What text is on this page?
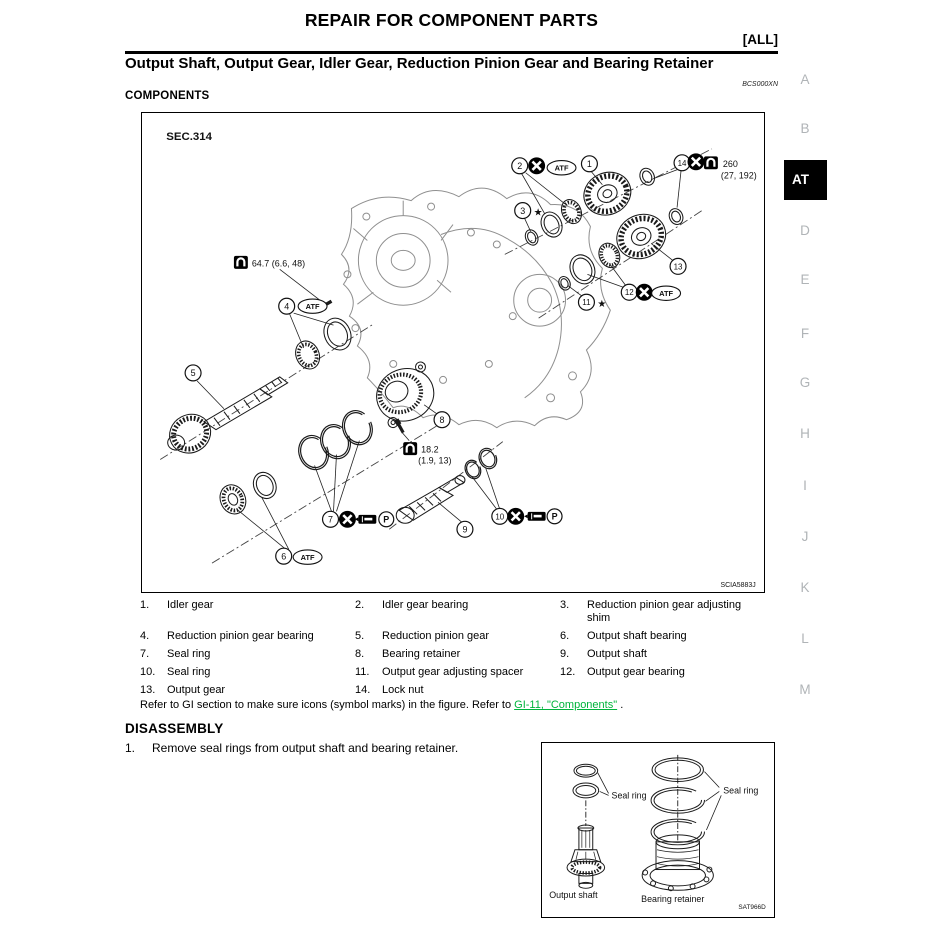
REPAIR FOR COMPONENT PARTS
[ALL]
Output Shaft, Output Gear, Idler Gear, Reduction Pinion Gear and Bearing Retainer
BCS000XN
COMPONENTS
A
B
AT
D
E
F
G
H
I
J
K
L
M
SEC.314
1
2
3 ★
4
5
6
7
8
9
10
11 ★
12
13
14
ATF
ATF
ATF
ATF
P	P
64.7 (6.6, 48)
260
(27, 192)
18.2
(1.9, 13)
SCIA5883J
1.	Idler gear	2.	Idler gear bearing	3.	Reduction pinion gear adjusting shim
4.	Reduction pinion gear bearing	5.	Reduction pinion gear	6.	Output shaft bearing
7.	Seal ring	8.	Bearing retainer	9.	Output shaft
10.	Seal ring	11.	Output gear adjusting spacer	12.	Output gear bearing
13.	Output gear	14.	Lock nut
Refer to GI section to make sure icons (symbol marks) in the figure. Refer to GI-11, "Components" .
DISASSEMBLY
1. Remove seal rings from output shaft and bearing retainer.
Seal ring	Seal ring
Output shaft	Bearing retainer
SAT966D
